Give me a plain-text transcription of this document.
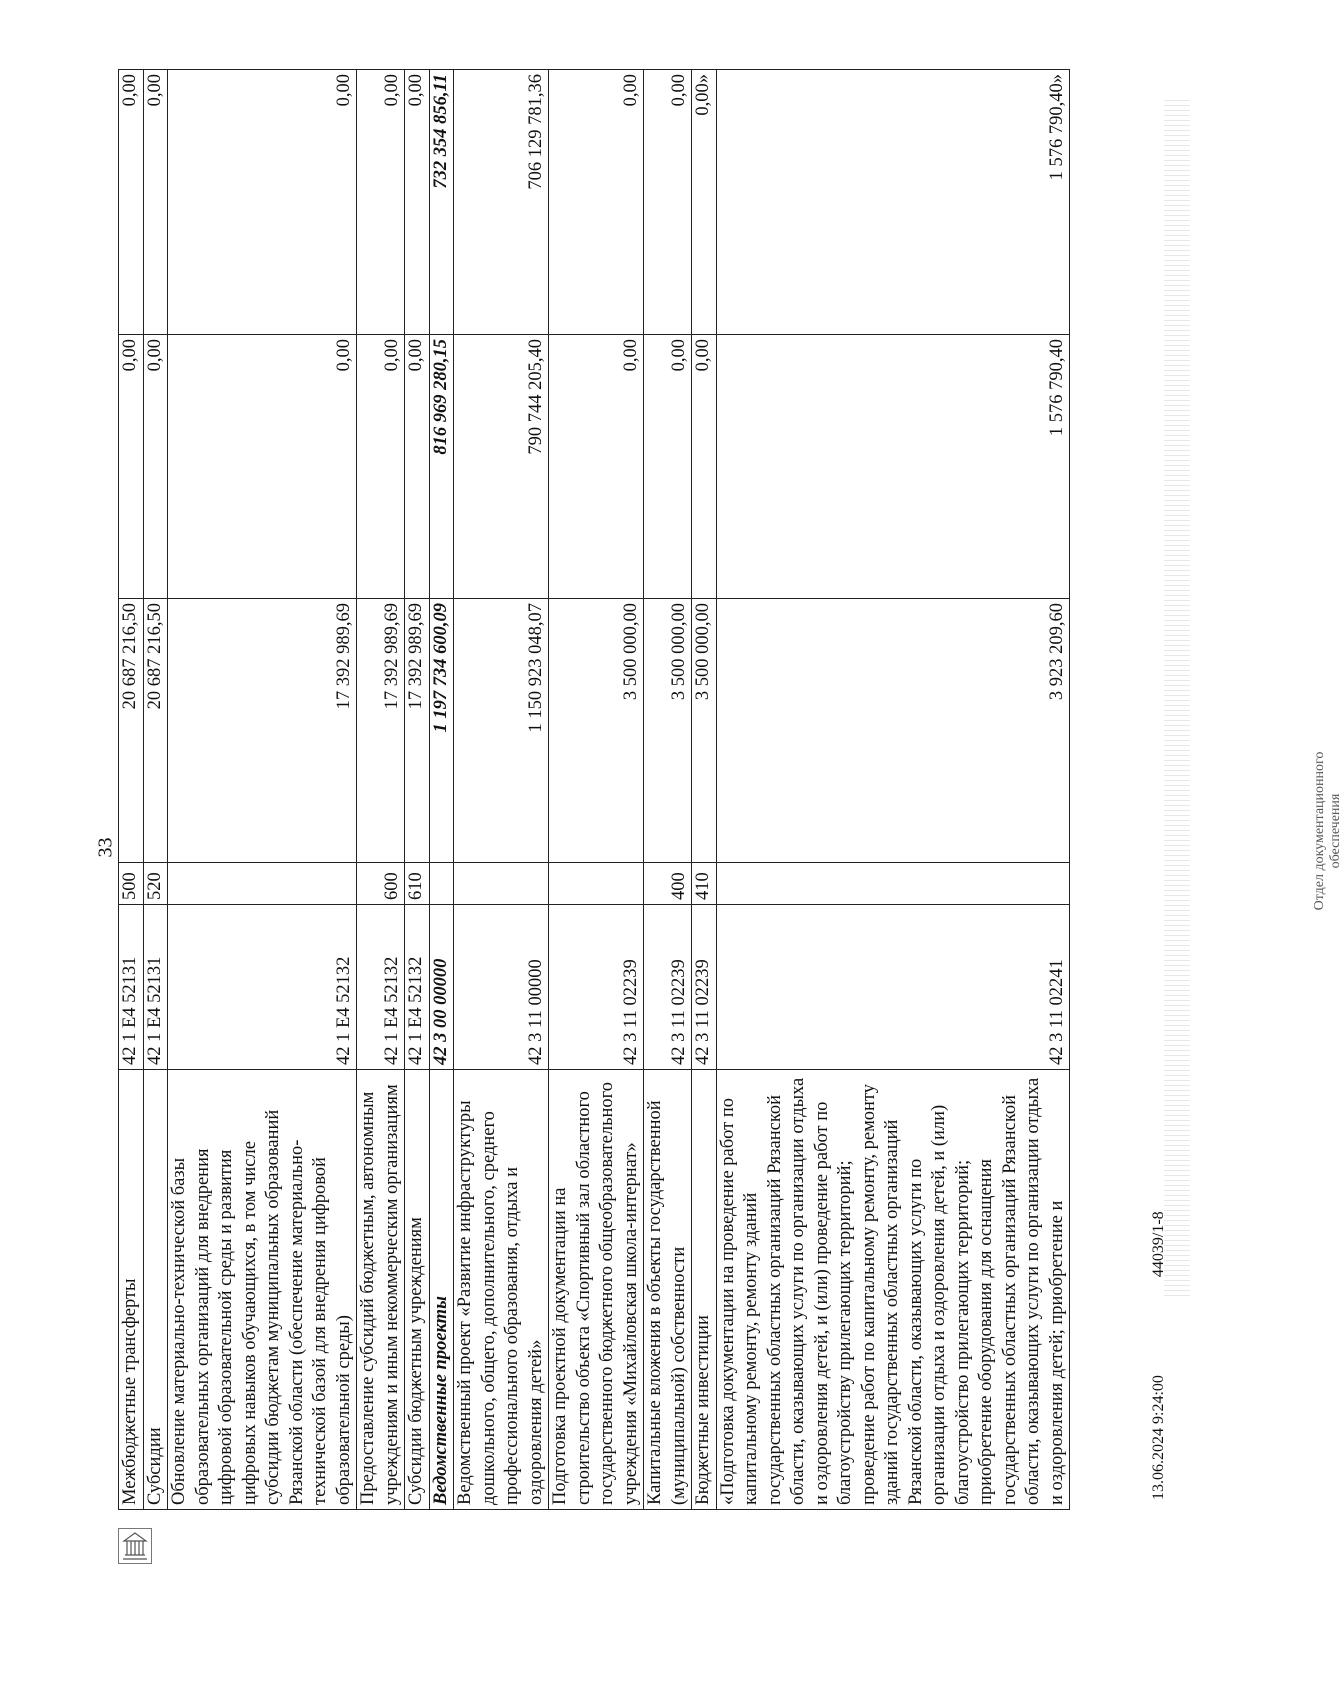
33
Межбюджетные трансферты	42 1 E4 52131	500	20 687 216,50	0,00	0,00
Субсидии	42 1 E4 52131	520	20 687 216,50	0,00	0,00
Обновление материально-технической базы образовательных организаций для внедрения цифровой образовательной среды и развития цифровых навыков обучающихся, в том числе субсидии бюджетам муниципальных образований Рязанской области (обеспечение материально-технической базой для внедрения цифровой образовательной среды)	42 1 E4 52132		17 392 989,69	0,00	0,00
Предоставление субсидий бюджетным, автономным учреждениям и иным некоммерческим организациям	42 1 E4 52132	600	17 392 989,69	0,00	0,00
Субсидии бюджетным учреждениям	42 1 E4 52132	610	17 392 989,69	0,00	0,00
Ведомственные проекты	42 3 00 00000		1 197 734 600,09	816 969 280,15	732 354 856,11
Ведомственный проект «Развитие инфраструктуры дошкольного, общего, дополнительного, среднего профессионального образования, отдыха и оздоровления детей»	42 3 11 00000		1 150 923 048,07	790 744 205,40	706 129 781,36
Подготовка проектной документации на строительство объекта «Спортивный зал областного государственного бюджетного общеобразовательного учреждения «Михайловская школа-интернат»	42 3 11 02239		3 500 000,00	0,00	0,00
Капитальные вложения в объекты государственной (муниципальной) собственности	42 3 11 02239	400	3 500 000,00	0,00	0,00
Бюджетные инвестиции	42 3 11 02239	410	3 500 000,00	0,00	0,00»
«Подготовка документации на проведение работ по капитальному ремонту, ремонту зданий государственных областных организаций Рязанской области, оказывающих услуги по организации отдыха и оздоровления детей, и (или) проведение работ по благоустройству прилегающих территорий; проведение работ по капитальному ремонту, ремонту зданий государственных областных организаций Рязанской области, оказывающих услуги по организации отдыха и оздоровления детей, и (или) благоустройство прилегающих территорий; приобретение оборудования для оснащения государственных областных организаций Рязанской области, оказывающих услуги по организации отдыха и оздоровления детей; приобретение и	42 3 11 02241		3 923 209,60	1 576 790,40	1 576 790,40»
Отдел документационного обеспечения
13.06.2024 9:24:00  44039/1-8
